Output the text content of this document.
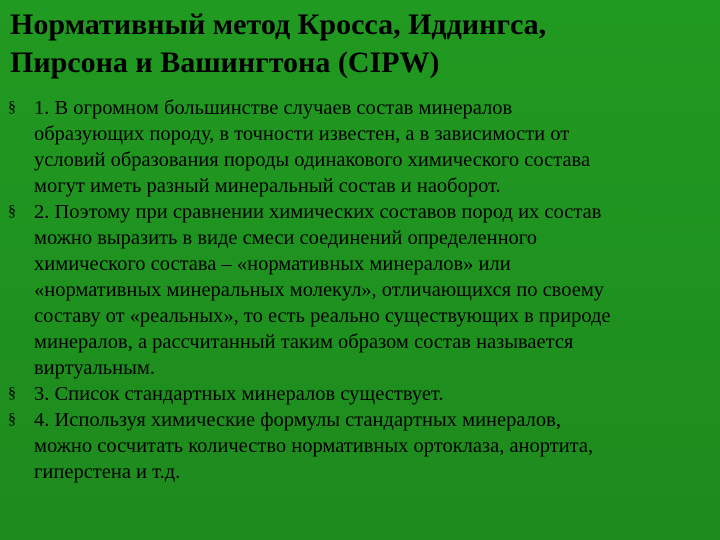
Нормативный метод Кросса, Иддингса,
Пирсона и Вашингтона (CIPW)
§ 1. В огромном большинстве случаев состав минералов
образующих породу, в точности известен, а в зависимости от
условий образования породы одинакового химического состава
могут иметь разный минеральный состав и наоборот.
§ 2. Поэтому при сравнении химических составов пород их состав
можно выразить в виде смеси соединений определенного
химического состава – «нормативных минералов» или
«нормативных минеральных молекул», отличающихся по своему
составу от «реальных», то есть реально существующих в природе
минералов, а рассчитанный таким образом состав называется
виртуальным.
§ 3. Список стандартных минералов существует.
§ 4. Используя химические формулы стандартных минералов,
можно сосчитать количество нормативных ортоклаза, анортита,
гиперстена и т.д.
